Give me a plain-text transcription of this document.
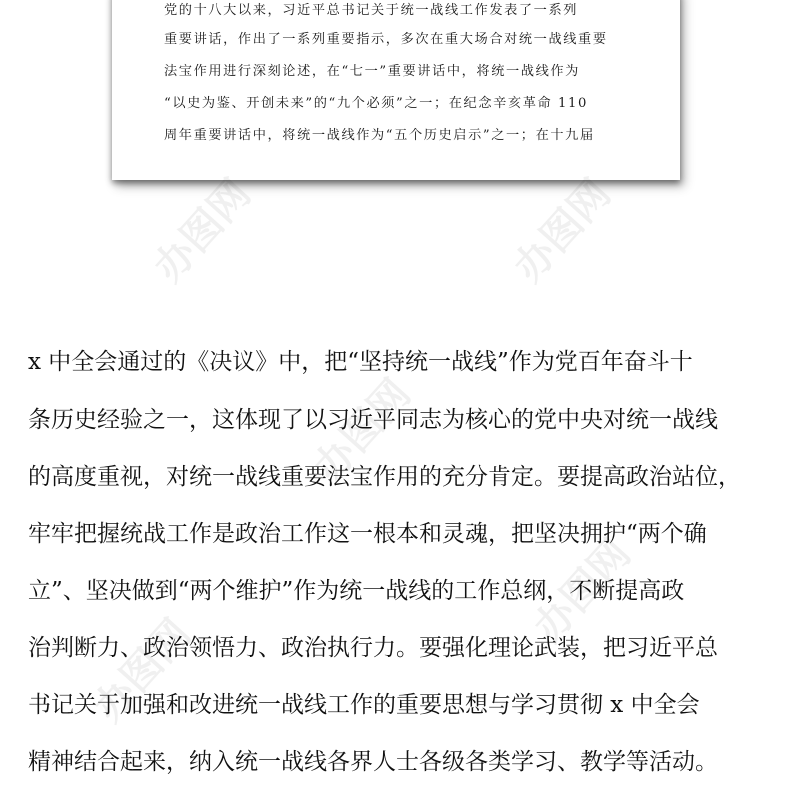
党的十八大以来，习近平总书记关于统一战线工作发表了一系列
重要讲话，作出了一系列重要指示，多次在重大场合对统一战线重要
法宝作用进行深刻论述，在“七一”重要讲话中，将统一战线作为
“以史为鉴、开创未来”的“九个必须”之一；在纪念辛亥革命 110
周年重要讲话中，将统一战线作为“五个历史启示”之一；在十九届
办图网	办图网
办图网
办图网
办图网
x 中全会通过的《决议》中，把“坚持统一战线”作为党百年奋斗十
条历史经验之一，这体现了以习近平同志为核心的党中央对统一战线
的高度重视，对统一战线重要法宝作用的充分肯定。要提高政治站位，
牢牢把握统战工作是政治工作这一根本和灵魂，把坚决拥护“两个确
立”、坚决做到“两个维护”作为统一战线的工作总纲，不断提高政
治判断力、政治领悟力、政治执行力。要强化理论武装，把习近平总
书记关于加强和改进统一战线工作的重要思想与学习贯彻 x 中全会
精神结合起来，纳入统一战线各界人士各级各类学习、教学等活动。
